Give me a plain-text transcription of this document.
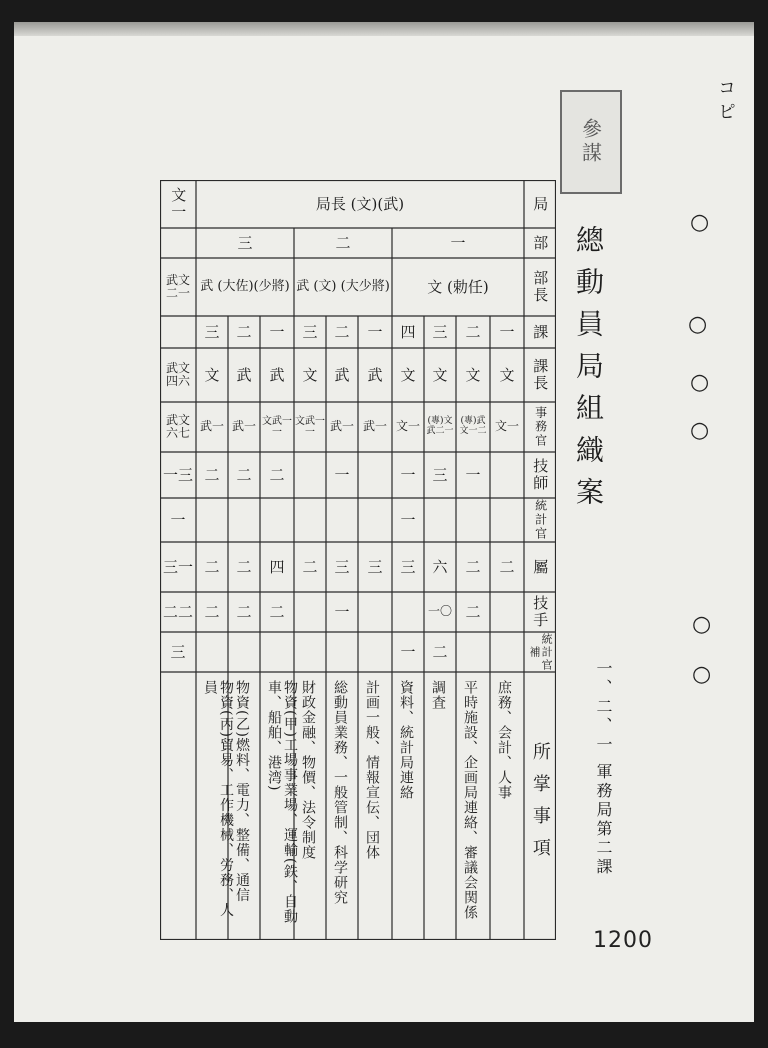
コピ
參謀
總動員局組織案
一、二、一 軍務局第二課
1200
○
○
○
○
○
○
局
局長 (文)(武)
文一
部
一
二
三
部長
文 (勅任)
武 (文) (大少將)
武 (大佐)(少將)
武文 二一
課
課長
事務官
技師
統計官
屬
技手
統計官補
所掌事項
武文 四六
武文 六七
一三
一
三一
二二
三
一
二
三
四
一
二
三
一
二
三
文
文
文
文
武
武
文
武
武
文
文一
(專)武文一二
(專)文武二一
文一
武一
武一
文武一一
文武一一
武一
武一
一
三
一
一
二
二
二
一
二
二
六
三
三
三
二
四
二
二
二
一〇
一
二
二
二
二
一
庶務、会計、人事
平時施設、企画局連絡、審議会関係
調査
資料、統計局連絡
計画一般、情報宣伝、団体
総動員業務、一般管制、科学研究
財政金融、物價、法令制度
物資(甲)工場事業場、運輸(鉄、自動車、船舶、港湾)
物資(乙)燃料、電力、整備、通信
物資(丙)貿易、工作機械、労務、人員
